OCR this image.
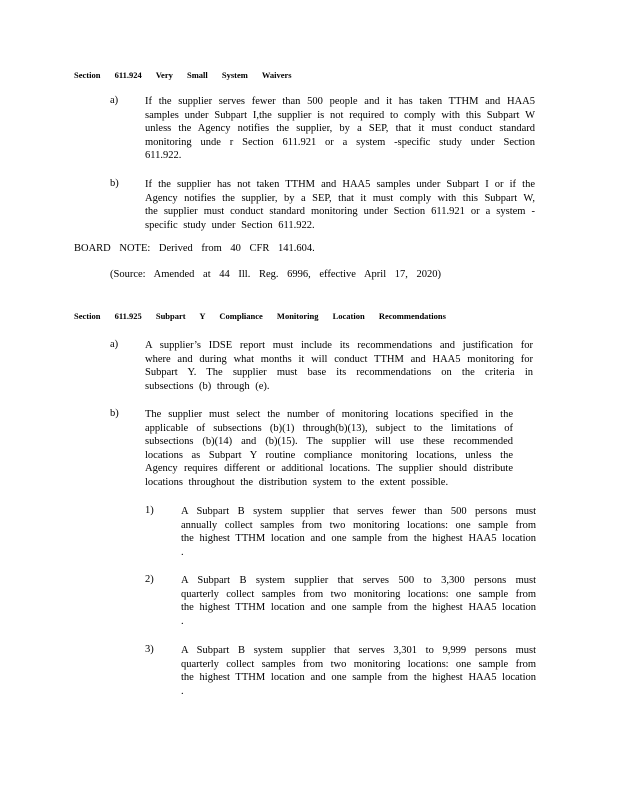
Section 611.924 Very Small System Waivers
a)	If the supplier serves fewer than 500 people and it has taken TTHM and HAA5 samples under Subpart I,the supplier is not required to comply with this Subpart W unless the Agency notifies the supplier, by a SEP, that it must conduct standard monitoring unde r Section 611.921 or a system -specific study under Section 611.922.
b)	If the supplier has not taken TTHM and HAA5 samples under Subpart I or if the Agency notifies the supplier, by a SEP, that it must comply with this Subpart W, the supplier must conduct standard monitoring under Section 611.921 or a system -specific study under Section 611.922.
BOARD NOTE: Derived from 40 CFR 141.604.
(Source: Amended at 44 Ill. Reg. 6996, effective April 17, 2020)
Section 611.925 Subpart Y Compliance Monitoring Location Recommendations
a)	A supplier’s IDSE report must include its recommendations and justification for where and during what months it will conduct TTHM and HAA5 monitoring for Subpart Y. The supplier must base its recommendations on the criteria in subsections (b) through (e).
b)	The supplier must select the number of monitoring locations specified in the applicable of subsections (b)(1) through(b)(13), subject to the limitations of subsections (b)(14) and (b)(15). The supplier will use these recommended locations as Subpart Y routine compliance monitoring locations, unless the Agency requires different or additional locations. The supplier should distribute locations throughout the distribution system to the extent possible.
1)	A Subpart B system supplier that serves fewer than 500 persons must annually collect samples from two monitoring locations: one sample from the highest TTHM location and one sample from the highest HAA5 location .
2)	A Subpart B system supplier that serves 500 to 3,300 persons must quarterly collect samples from two monitoring locations: one sample from the highest TTHM location and one sample from the highest HAA5 location .
3)	A Subpart B system supplier that serves 3,301 to 9,999 persons must quarterly collect samples from two monitoring locations: one sample from the highest TTHM location and one sample from the highest HAA5 location .
